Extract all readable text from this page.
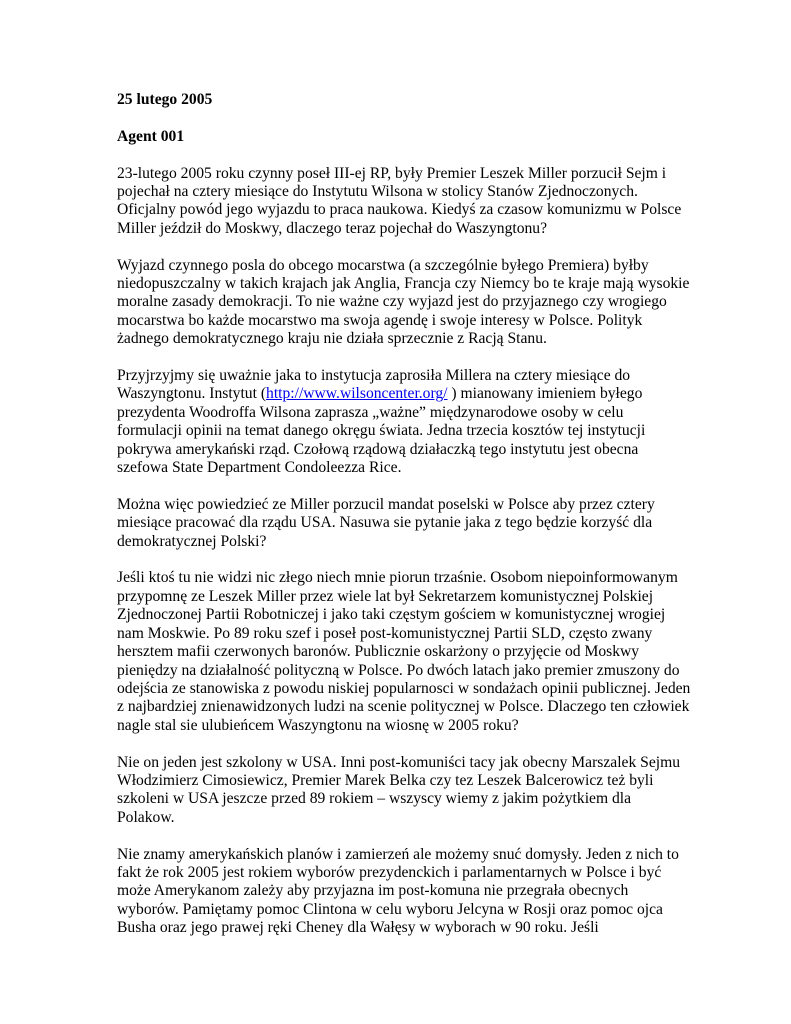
25 lutego 2005
Agent 001
23-lutego 2005 roku czynny poseł III-ej RP, były Premier Leszek Miller porzucił Sejm i pojechał na cztery miesiące do Instytutu Wilsona w stolicy Stanów Zjednoczonych. Oficjalny powód jego wyjazdu to praca naukowa. Kiedyś za czasow komunizmu w Polsce Miller jeździł do Moskwy, dlaczego teraz pojechał do Waszyngtonu?
Wyjazd czynnego posla do obcego mocarstwa (a szczególnie byłego Premiera) byłby niedopuszczalny w takich krajach jak Anglia, Francja czy Niemcy bo te kraje mają wysokie moralne zasady demokracji. To nie ważne czy wyjazd jest do przyjaznego czy wrogiego mocarstwa bo każde mocarstwo ma swoja agendę i swoje interesy w Polsce. Polityk żadnego demokratycznego kraju nie działa sprzecznie z Racją Stanu.
Przyjrzyjmy się uważnie jaka to instytucja zaprosiła Millera na cztery miesiące do Waszyngtonu. Instytut (http://www.wilsoncenter.org/ ) mianowany imieniem byłego prezydenta Woodroffa Wilsona zaprasza „ważne” międzynarodowe osoby w celu formulacji opinii na temat danego okręgu świata. Jedna trzecia kosztów tej instytucji pokrywa amerykański rząd. Czołową rządową działaczką tego instytutu jest obecna szefowa State Department Condoleezza Rice.
Można więc powiedzieć ze Miller porzucil mandat poselski w Polsce aby przez cztery miesiące pracować dla rządu USA. Nasuwa sie pytanie jaka z tego będzie korzyść dla demokratycznej Polski?
Jeśli ktoś tu nie widzi nic złego niech mnie piorun trzaśnie. Osobom niepoinformowanym przypomnę ze Leszek Miller przez wiele lat był Sekretarzem komunistycznej Polskiej Zjednoczonej Partii Robotniczej i jako taki częstym gościem w komunistycznej wrogiej nam Moskwie. Po 89 roku szef i poseł post-komunistycznej Partii SLD, często zwany hersztem mafii czerwonych baronów. Publicznie oskarżony o przyjęcie od Moskwy pieniędzy na działalność polityczną w Polsce. Po dwóch latach jako premier zmuszony do odejścia ze stanowiska z powodu niskiej popularnosci w sondażach opinii publicznej. Jeden z najbardziej znienawidzonych ludzi na scenie politycznej w Polsce. Dlaczego ten człowiek nagle stal sie ulubieńcem Waszyngtonu na wiosnę w 2005 roku?
Nie on jeden jest szkolony w USA. Inni post-komuniści tacy jak obecny Marszalek Sejmu Włodzimierz Cimosiewicz, Premier Marek Belka czy tez Leszek Balcerowicz też byli szkoleni w USA jeszcze przed 89 rokiem – wszyscy wiemy z jakim pożytkiem dla Polakow.
Nie znamy amerykańskich planów i zamierzeń ale możemy snuć domysły. Jeden z nich to fakt że rok 2005 jest rokiem wyborów prezydenckich i parlamentarnych w Polsce i być może Amerykanom zależy aby przyjazna im post-komuna nie przegrała obecnych wyborów. Pamiętamy pomoc Clintona w celu wyboru Jelcyna w Rosji oraz pomoc ojca Busha oraz jego prawej ręki Cheney dla Wałęsy w wyborach w 90 roku. Jeśli
